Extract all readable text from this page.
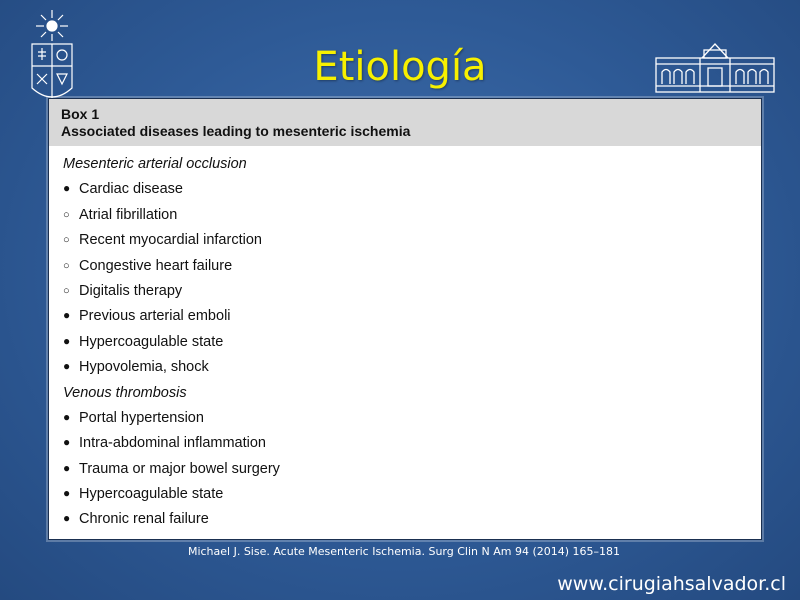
Etiología
Box 1
Associated diseases leading to mesenteric ischemia
Mesenteric arterial occlusion
● Cardiac disease
○ Atrial fibrillation
○ Recent myocardial infarction
○ Congestive heart failure
○ Digitalis therapy
● Previous arterial emboli
● Hypercoagulable state
● Hypovolemia, shock
Venous thrombosis
● Portal hypertension
● Intra-abdominal inflammation
● Trauma or major bowel surgery
● Hypercoagulable state
● Chronic renal failure
Michael J. Sise. Acute Mesenteric Ischemia. Surg Clin N Am 94 (2014) 165–181
www.cirugiahsalvador.cl
